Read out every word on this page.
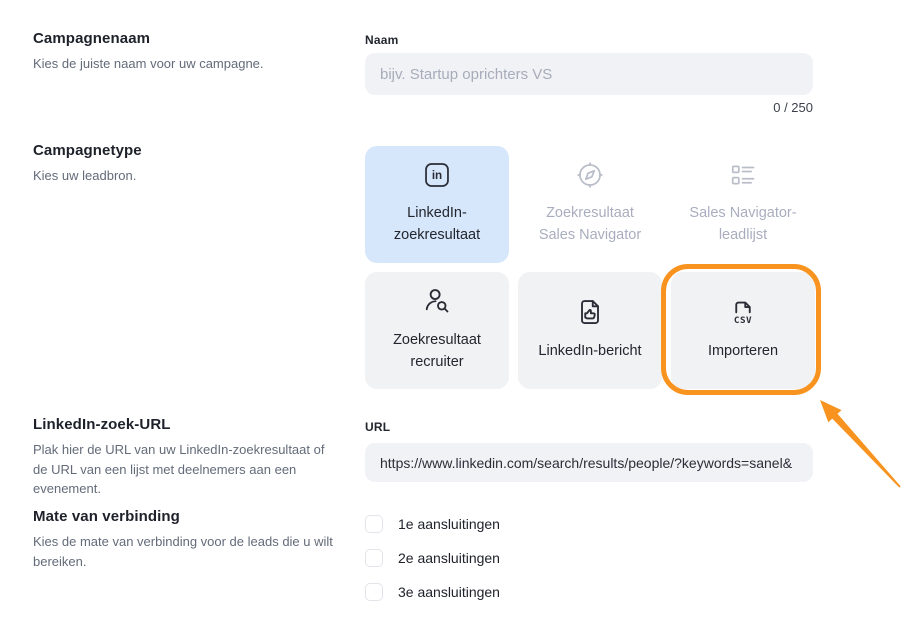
Campagnenaam

Kies de juiste naam voor uw campagne.

Campagnetype

Kies uw leadbron.

LinkedIn-zoek-URL

Plak hier de URL van uw LinkedIn-zoekresultaat of de URL van een lijst met deelnemers aan een evenement.

Mate van verbinding

Kies de mate van verbinding voor de leads die u wilt bereiken.

Naam
bijv. Startup oprichters VS
0 / 250
in
LinkedIn-zoekresultaat
Zoekresultaat Sales Navigator
Sales Navigator-leadlijst
Zoekresultaat recruiter
LinkedIn-bericht
CSV
Importeren
URL
https://www.linkedin.com/search/results/people/?keywords=sanel&
1e aansluitingen
2e aansluitingen
3e aansluitingen
